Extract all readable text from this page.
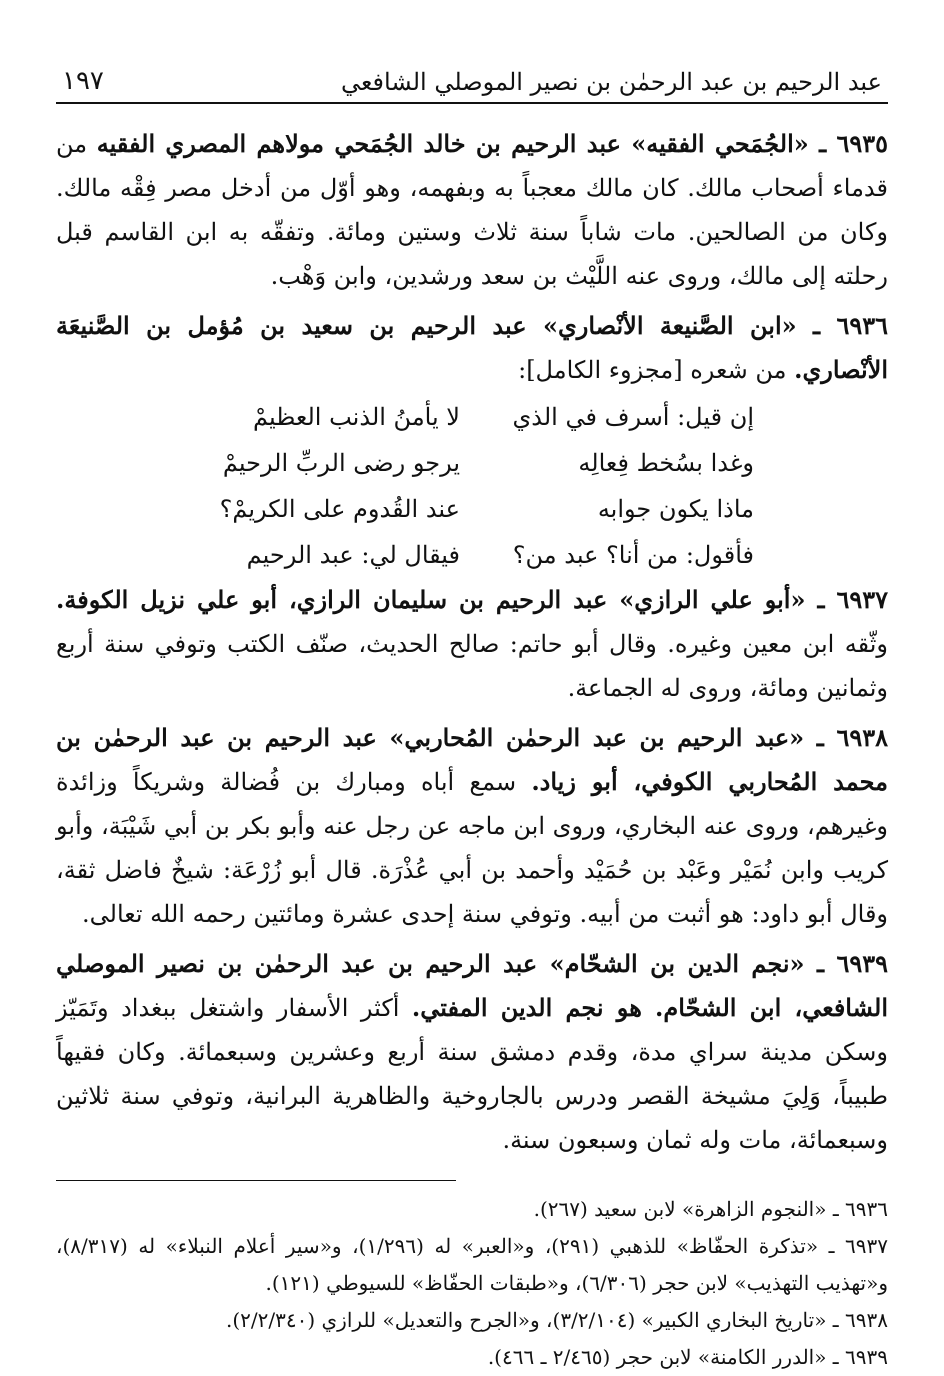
عبد الرحيم بن عبد الرحمٰن بن نصير الموصلي الشافعي
١٩٧

٦٩٣٥ ـ «الجُمَحي الفقيه» عبد الرحيم بن خالد الجُمَحي مولاهم المصري الفقيه من قدماء أصحاب مالك. كان مالك معجباً به وبفهمه، وهو أوّل من أدخل مصر فِقْه مالك. وكان من الصالحين. مات شاباً سنة ثلاث وستين ومائة. وتفقّه به ابن القاسم قبل رحلته إلى مالك، وروى عنه اللَّيْث بن سعد ورشدين، وابن وَهْب.

٦٩٣٦ ـ «ابن الصَّنيعة الأنْصاري» عبد الرحيم بن سعيد بن مُؤمل بن الصَّنيعَة الأنْصاري. من شعره [مجزوء الكامل]:

إن قيل: أسرف في الذي
لا يأمنُ الذنب العظيمْ
وغدا بسُخط فِعالِه
يرجو رضى الربِّ الرحيمْ
ماذا يكون جوابه
عند القُدوم على الكريمْ؟
فأقول: من أنا؟ عبد من؟
فيقال لي: عبد الرحيم

٦٩٣٧ ـ «أبو علي الرازي» عبد الرحيم بن سليمان الرازي، أبو علي نزيل الكوفة. وثّقه ابن معين وغيره. وقال أبو حاتم: صالح الحديث، صنّف الكتب وتوفي سنة أربع وثمانين ومائة، وروى له الجماعة.

٦٩٣٨ ـ «عبد الرحيم بن عبد الرحمٰن المُحاربي» عبد الرحيم بن عبد الرحمٰن بن محمد المُحاربي الكوفي، أبو زياد. سمع أباه ومبارك بن فُضالة وشريكاً وزائدة وغيرهم، وروى عنه البخاري، وروى ابن ماجه عن رجل عنه وأبو بكر بن أبي شَيْبَة، وأبو كريب وابن نُمَيْر وعَبْد بن حُمَيْد وأحمد بن أبي عُذْرَة. قال أبو زُرْعَة: شيخٌ فاضل ثقة، وقال أبو داود: هو أثبت من أبيه. وتوفي سنة إحدى عشرة ومائتين رحمه الله تعالى.

٦٩٣٩ ـ «نجم الدين بن الشحّام» عبد الرحيم بن عبد الرحمٰن بن نصير الموصلي الشافعي، ابن الشحّام. هو نجم الدين المفتي. أكثر الأسفار واشتغل ببغداد وتَمَيّز وسكن مدينة سراي مدة، وقدم دمشق سنة أربع وعشرين وسبعمائة. وكان فقيهاً طبيباً، وَلِيَ مشيخة القصر ودرس بالجاروخية والظاهرية البرانية، وتوفي سنة ثلاثين وسبعمائة، مات وله ثمان وسبعون سنة.

٦٩٣٦ ـ «النجوم الزاهرة» لابن سعيد (٢٦٧).
٦٩٣٧ ـ «تذكرة الحفّاظ» للذهبي (٢٩١)، و«العبر» له (١/٢٩٦)، و«سير أعلام النبلاء» له (٨/٣١٧)، و«تهذيب التهذيب» لابن حجر (٦/٣٠٦)، و«طبقات الحفّاظ» للسيوطي (١٢١).
٦٩٣٨ ـ «تاريخ البخاري الكبير» (٣/٢/١٠٤)، و«الجرح والتعديل» للرازي (٢/٢/٣٤٠).
٦٩٣٩ ـ «الدرر الكامنة» لابن حجر (٢/٤٦٥ ـ ٤٦٦).
